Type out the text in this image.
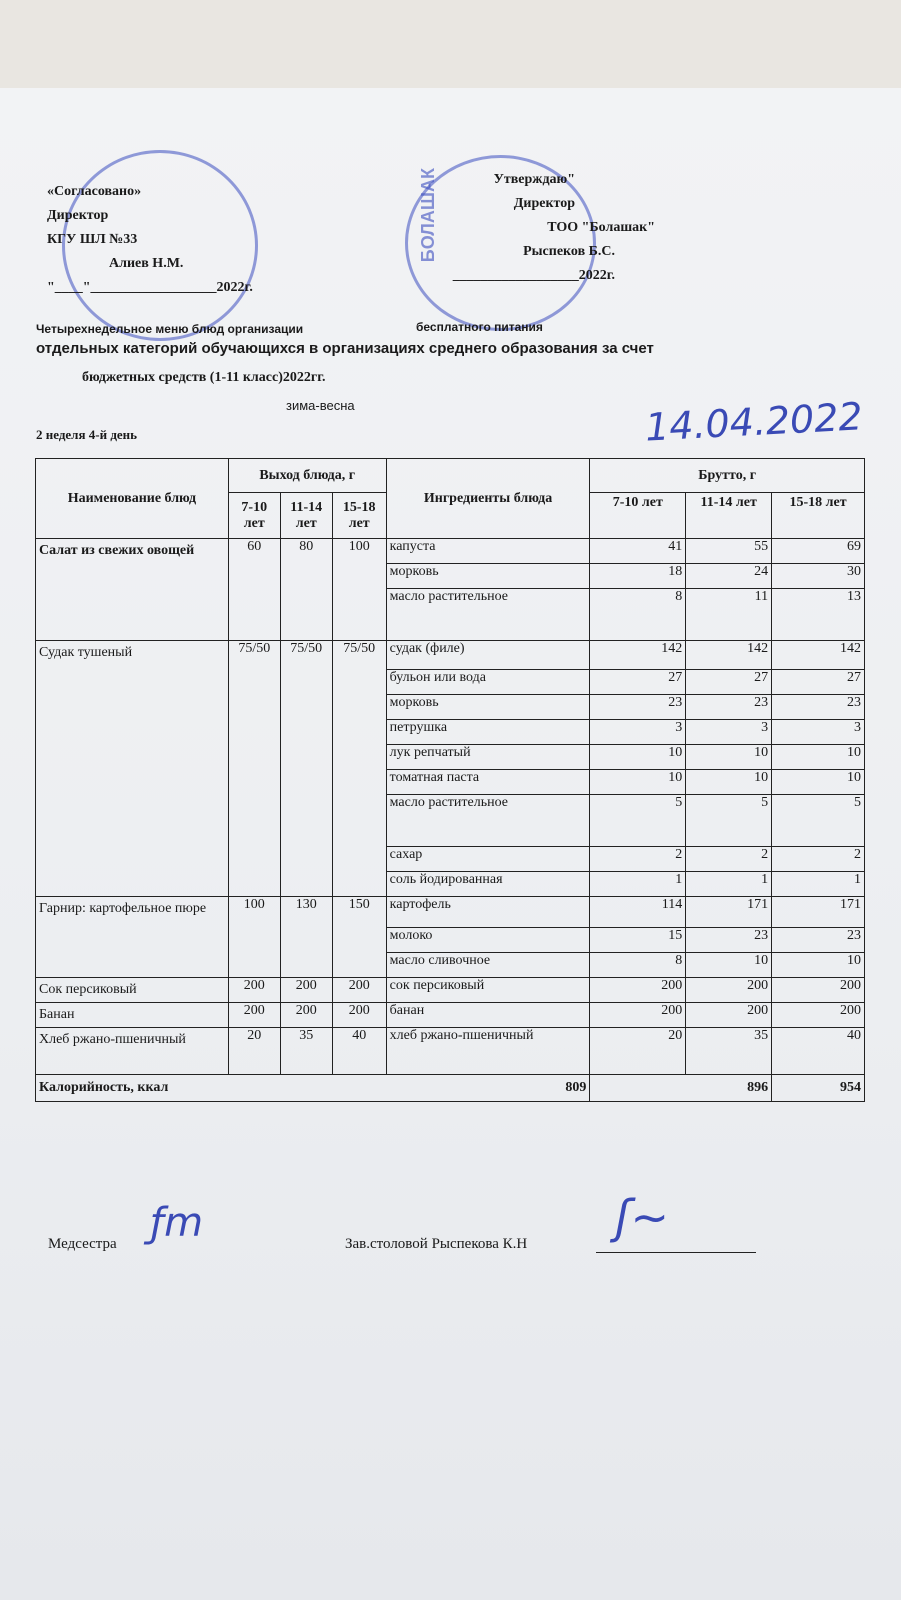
БОЛАШАК
«Согласовано»
Директор
КГУ ШЛ №33
Алиев Н.М.
"____"__________________2022г.
Утверждаю"
Директор
ТОО "Болашак"
Рыспеков Б.С.
__________________2022г.
Четырехнедельное меню блюд организации	бесплатного питания
отдельных категорий обучающихся в организациях среднего образования за счет
бюджетных средств (1-11 класс)2022гг.
зима-весна
2 неделя 4-й день	14.04.2022
Наименование блюд	Выход блюда, г			Ингредиенты блюда	Брутто, г		
	7-10 лет	11-14 лет	15-18 лет		7-10 лет	11-14 лет	15-18 лет
Салат из свежих овощей	60	80	100	капуста	41	55	69
				морковь	18	24	30
				масло растительное	8	11	13
Судак тушеный	75/50	75/50	75/50	судак (филе)	142	142	142
				бульон или вода	27	27	27
				морковь	23	23	23
				петрушка	3	3	3
				лук репчатый	10	10	10
				томатная паста	10	10	10
				масло растительное	5	5	5
				сахар	2	2	2
				соль йодированная	1	1	1
Гарнир: картофельное пюре	100	130	150	картофель	114	171	171
				молоко	15	23	23
				масло сливочное	8	10	10
Сок персиковый	200	200	200	сок персиковый	200	200	200
Банан	200	200	200	банан	200	200	200
Хлеб ржано-пшеничный	20	35	40	хлеб ржано-пшеничный	20	35	40
Калорийность, ккал 809					896		954
Медсестра ƒm	Зав.столовой Рыспекова К.Н ʃ~
